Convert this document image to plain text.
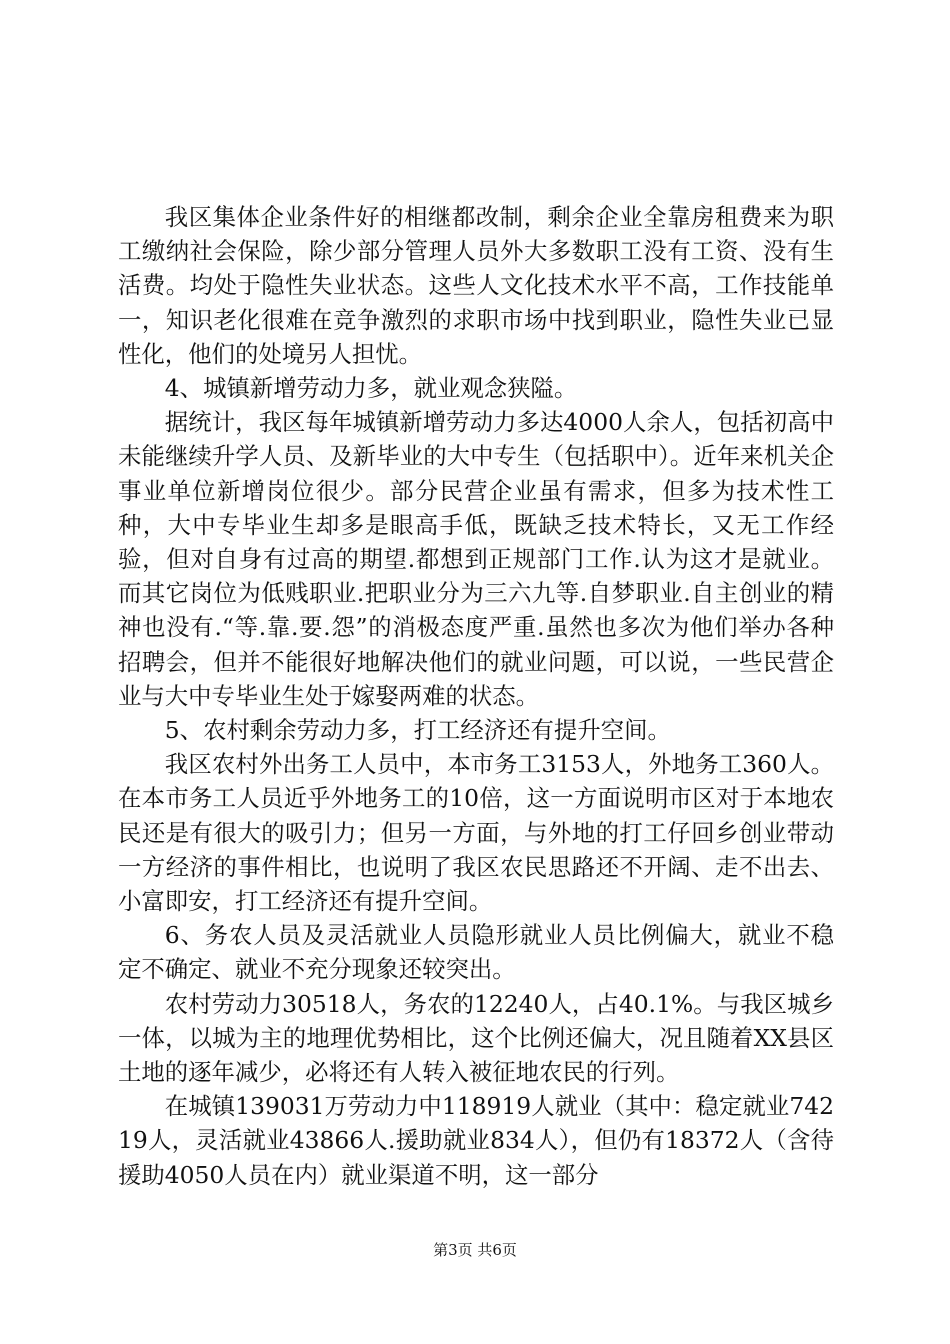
我区集体企业条件好的相继都改制，剩余企业全靠房租费来为职工缴纳社会保险，除少部分管理人员外大多数职工没有工资、没有生活费。均处于隐性失业状态。这些人文化技术水平不高，工作技能单一，知识老化很难在竞争激烈的求职市场中找到职业，隐性失业已显性化，他们的处境另人担忧。

4、城镇新增劳动力多，就业观念狭隘。

据统计，我区每年城镇新增劳动力多达4000人余人，包括初高中未能继续升学人员、及新毕业的大中专生（包括职中）。近年来机关企事业单位新增岗位很少。部分民营企业虽有需求，但多为技术性工种，大中专毕业生却多是眼高手低，既缺乏技术特长，又无工作经验，但对自身有过高的期望.都想到正规部门工作.认为这才是就业。而其它岗位为低贱职业.把职业分为三六九等.自梦职业.自主创业的精神也没有.“等.靠.要.怨”的消极态度严重.虽然也多次为他们举办各种招聘会，但并不能很好地解决他们的就业问题，可以说，一些民营企业与大中专毕业生处于嫁娶两难的状态。

5、农村剩余劳动力多，打工经济还有提升空间。

我区农村外出务工人员中，本市务工3153人，外地务工360人。在本市务工人员近乎外地务工的10倍，这一方面说明市区对于本地农民还是有很大的吸引力；但另一方面，与外地的打工仔回乡创业带动一方经济的事件相比，也说明了我区农民思路还不开阔、走不出去、小富即安，打工经济还有提升空间。

6、务农人员及灵活就业人员隐形就业人员比例偏大，就业不稳定不确定、就业不充分现象还较突出。

农村劳动力30518人，务农的12240人，占40.1%。与我区城乡一体，以城为主的地理优势相比，这个比例还偏大，况且随着XX县区土地的逐年减少，必将还有人转入被征地农民的行列。

在城镇139031万劳动力中118919人就业（其中：稳定就业74219人，灵活就业43866人.援助就业834人），但仍有18372人（含待援助4050人员在内）就业渠道不明，这一部分

第3页 共6页
